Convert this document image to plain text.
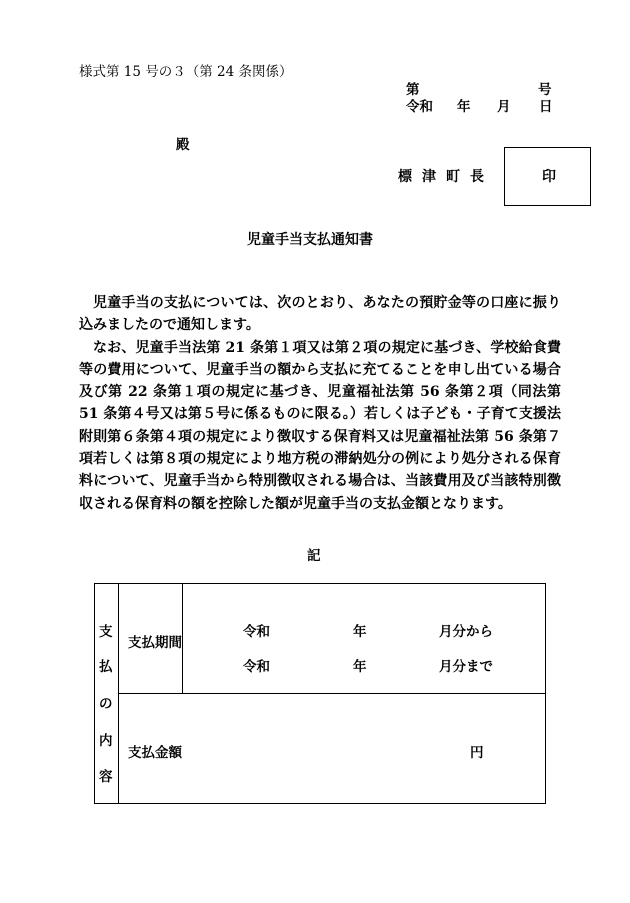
様式第 15 号の３（第 24 条関係）
第	号
令和 年 月 日
殿
標津町長	印
児童手当支払通知書

児童手当の支払については、次のとおり、あなたの預貯金等の口座に振り込みましたので通知します。

なお、児童手当法第 21 条第１項又は第２項の規定に基づき、学校給食費等の費用について、児童手当の額から支払に充てることを申し出ている場合及び第 22 条第１項の規定に基づき、児童福祉法第 56 条第２項（同法第 51 条第４号又は第５号に係るものに限る。）若しくは子ども・子育て支援法附則第６条第４項の規定により徴収する保育料又は児童福祉法第 56 条第７項若しくは第８項の規定により地方税の滞納処分の例により処分される保育料について、児童手当から特別徴収される場合は、当該費用及び当該特別徴収される保育料の額を控除した額が児童手当の支払金額となります。

記
支
払
の
内
容
支払期間
令和	年	月分から
令和	年	月分まで
支払金額	円
